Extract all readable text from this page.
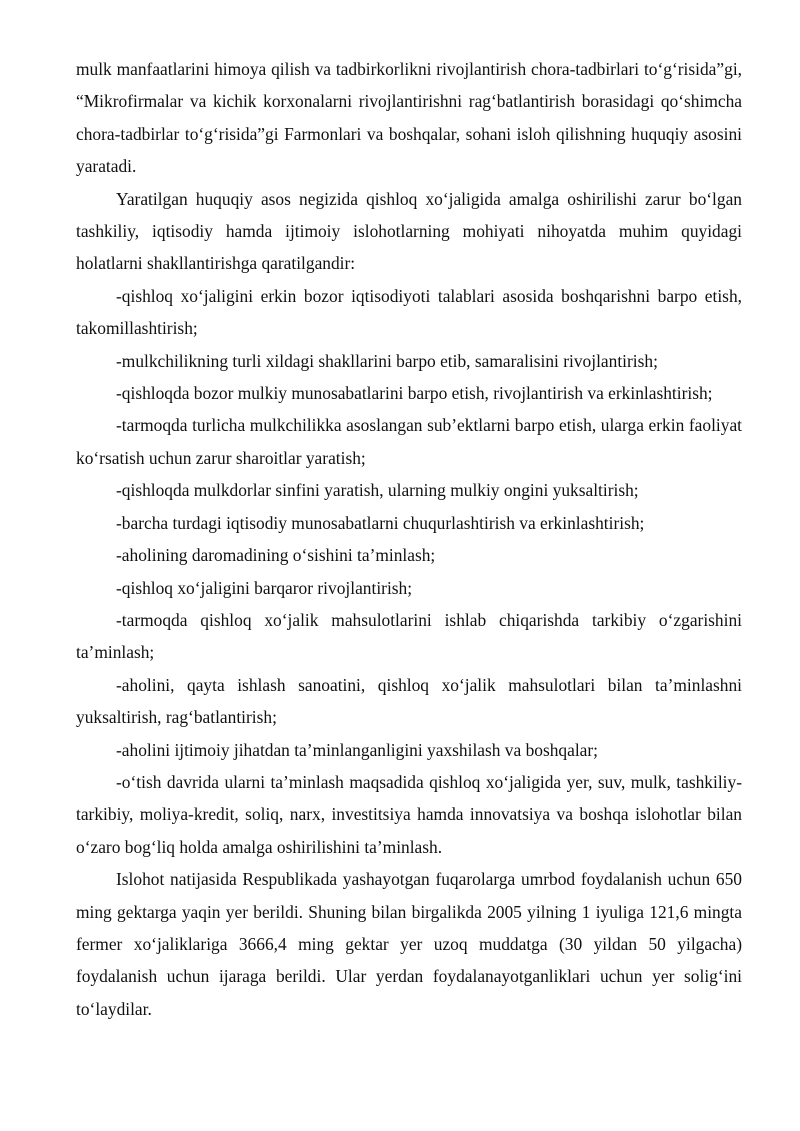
mulk manfaatlarini himoya qilish va tadbirkorlikni rivojlantirish chora-tadbirlari to‘g‘risida”gi, “Mikrofirmalar va kichik korxonalarni rivojlantirishni rag‘batlantirish borasidagi qo‘shimcha chora-tadbirlar to‘g‘risida”gi Farmonlari va boshqalar, sohani isloh qilishning huquqiy asosini yaratadi.

Yaratilgan huquqiy asos negizida qishloq xo‘jaligida amalga oshirilishi zarur bo‘lgan tashkiliy, iqtisodiy hamda ijtimoiy islohotlarning mohiyati nihoyatda muhim quyidagi holatlarni shakllantirishga qaratilgandir:

-qishloq xo‘jaligini erkin bozor iqtisodiyoti talablari asosida boshqarishni barpo etish, takomillashtirish;

-mulkchilikning turli xildagi shakllarini barpo etib, samaralisini rivojlantirish;

-qishloqda bozor mulkiy munosabatlarini barpo etish, rivojlantirish va erkinlashtirish;

-tarmoqda turlicha mulkchilikka asoslangan sub’ektlarni barpo etish, ularga erkin faoliyat ko‘rsatish uchun zarur sharoitlar yaratish;

-qishloqda mulkdorlar sinfini yaratish, ularning mulkiy ongini yuksaltirish;

-barcha turdagi iqtisodiy munosabatlarni chuqurlashtirish va erkinlashtirish;

-aholining daromadining o‘sishini ta’minlash;

-qishloq xo‘jaligini barqaror rivojlantirish;

-tarmoqda qishloq xo‘jalik mahsulotlarini ishlab chiqarishda tarkibiy o‘zgarishini ta’minlash;

-aholini, qayta ishlash sanoatini, qishloq xo‘jalik mahsulotlari bilan ta’minlashni yuksaltirish, rag‘batlantirish;

-aholini ijtimoiy jihatdan ta’minlanganligini yaxshilash va boshqalar;

-o‘tish davrida ularni ta’minlash maqsadida qishloq xo‘jaligida yer, suv, mulk, tashkiliy-tarkibiy, moliya-kredit, soliq, narx, investitsiya hamda innovatsiya va boshqa islohotlar bilan o‘zaro bog‘liq holda amalga oshirilishini ta’minlash.

Islohot natijasida Respublikada yashayotgan fuqarolarga umrbod foydalanish uchun 650 ming gektarga yaqin yer berildi. Shuning bilan birgalikda 2005 yilning 1 iyuliga 121,6 mingta fermer xo‘jaliklariga 3666,4 ming gektar yer uzoq muddatga (30 yildan 50 yilgacha) foydalanish uchun ijaraga berildi. Ular yerdan foydalanayotganliklari uchun yer solig‘ini to‘laydilar.
